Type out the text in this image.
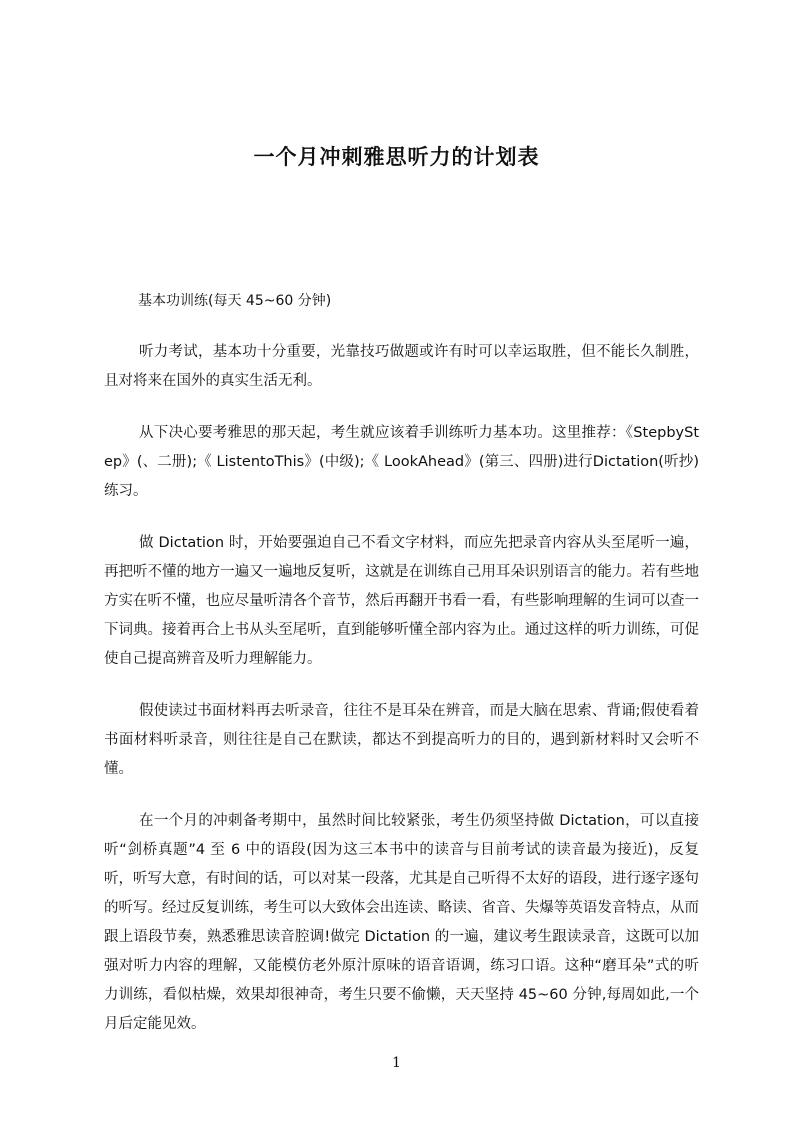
一个月冲刺雅思听力的计划表
基本功训练(每天 45~60 分钟)

听力考试，基本功十分重要，光靠技巧做题或许有时可以幸运取胜，但不能长久制胜，且对将来在国外的真实生活无利。

从下决心要考雅思的那天起，考生就应该着手训练听力基本功。这里推荐：《StepbyStep》(、二册);《 ListentoThis》(中级);《 LookAhead》(第三、四册)进行Dictation(听抄)练习。

做 Dictation 时，开始要强迫自己不看文字材料，而应先把录音内容从头至尾听一遍，再把听不懂的地方一遍又一遍地反复听，这就是在训练自己用耳朵识别语言的能力。若有些地方实在听不懂，也应尽量听清各个音节，然后再翻开书看一看，有些影响理解的生词可以查一下词典。接着再合上书从头至尾听，直到能够听懂全部内容为止。通过这样的听力训练，可促使自己提高辨音及听力理解能力。

假使读过书面材料再去听录音，往往不是耳朵在辨音，而是大脑在思索、背诵;假使看着书面材料听录音，则往往是自己在默读，都达不到提高听力的目的，遇到新材料时又会听不懂。

在一个月的冲刺备考期中，虽然时间比较紧张，考生仍须坚持做 Dictation，可以直接听“剑桥真题”4 至 6 中的语段(因为这三本书中的读音与目前考试的读音最为接近)，反复听，听写大意，有时间的话，可以对某一段落，尤其是自己听得不太好的语段，进行逐字逐句的听写。经过反复训练，考生可以大致体会出连读、略读、省音、失爆等英语发音特点，从而跟上语段节奏，熟悉雅思读音腔调!做完 Dictation 的一遍，建议考生跟读录音，这既可以加强对听力内容的理解，又能模仿老外原汁原味的语音语调，练习口语。这种“磨耳朵”式的听力训练，看似枯燥，效果却很神奇，考生只要不偷懒，天天坚持 45~60 分钟,每周如此,一个月后定能见效。

1
